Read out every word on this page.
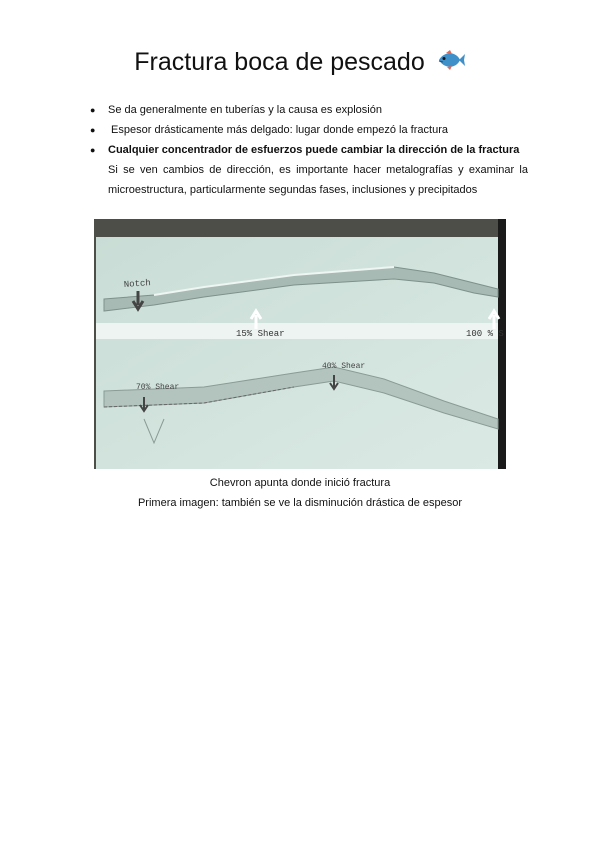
Fractura boca de pescado
● Se da generalmente en tuberías y la causa es explosión
● Espesor drásticamente más delgado: lugar donde empezó la fractura
● Cualquier concentrador de esfuerzos puede cambiar la dirección de la fractura
Si se ven cambios de dirección, es importante hacer metalografías y examinar la microestructura, particularmente segundas fases, inclusiones y precipitados
Notch
15% Shear	100 % S
70% Shear
40% Shear
Chevron apunta donde inició fractura
Primera imagen: también se ve la disminución drástica de espesor
